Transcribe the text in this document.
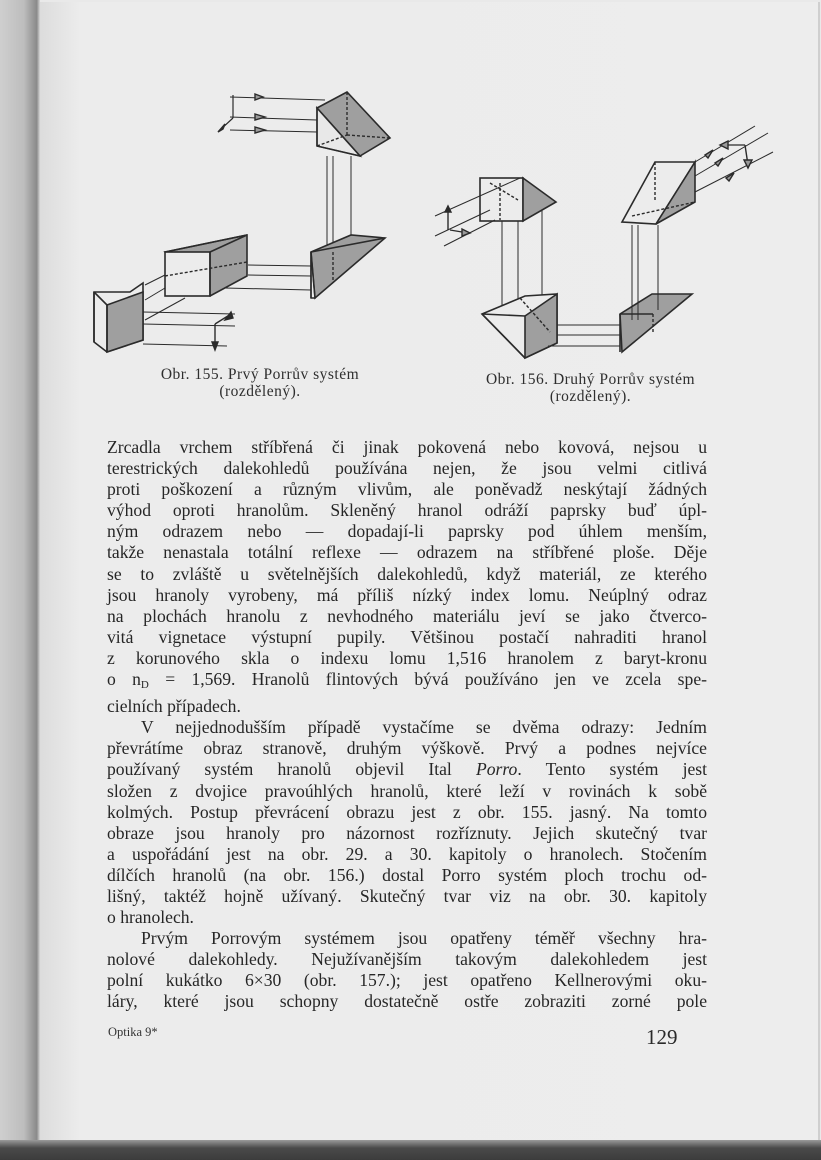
Obr. 155. Prvý Porrův systém
(rozdělený).
Obr. 156. Druhý Porrův systém
(rozdělený).

Zrcadla vrchem stříbřená či jinak pokovená nebo kovová, nejsou u
terestrických dalekohledů používána nejen, že jsou velmi citlivá
proti poškození a různým vlivům, ale poněvadž neskýtají žádných
výhod oproti hranolům. Skleněný hranol odráží paprsky buď úpl-
ným odrazem nebo — dopadají-li paprsky pod úhlem menším,
takže nenastala totální reflexe — odrazem na stříbřené ploše. Děje
se to zvláště u světelnějších dalekohledů, když materiál, ze kterého
jsou hranoly vyrobeny, má příliš nízký index lomu. Neúplný odraz
na plochách hranolu z nevhodného materiálu jeví se jako čtverco-
vitá vignetace výstupní pupily. Většinou postačí nahraditi hranol
z korunového skla o indexu lomu 1,516 hranolem z baryt-kronu
o $n_D = 1,569$. Hranolů flintových bývá používáno jen ve zcela spe-
cielních případech.

V nejjednodušším případě vystačíme se dvěma odrazy: Jedním
převrátíme obraz stranově, druhým výškově. Prvý a podnes nejvíce
používaný systém hranolů objevil Ital Porro. Tento systém jest
složen z dvojice pravoúhlých hranolů, které leží v rovinách k sobě
kolmých. Postup převrácení obrazu jest z obr. 155. jasný. Na tomto
obraze jsou hranoly pro názornost rozříznuty. Jejich skutečný tvar
a uspořádání jest na obr. 29. a 30. kapitoly o hranolech. Stočením
dílčích hranolů (na obr. 156.) dostal Porro systém ploch trochu od-
lišný, taktéž hojně užívaný. Skutečný tvar viz na obr. 30. kapitoly
o hranolech.

Prvým Porrovým systémem jsou opatřeny téměř všechny hra-
nolové dalekohledy. Nejužívanějším takovým dalekohledem jest
polní kukátko 6×30 (obr. 157.); jest opatřeno Kellnerovými oku-
láry, které jsou schopny dostatečně ostře zobraziti zorné pole

Optika 9*	129
